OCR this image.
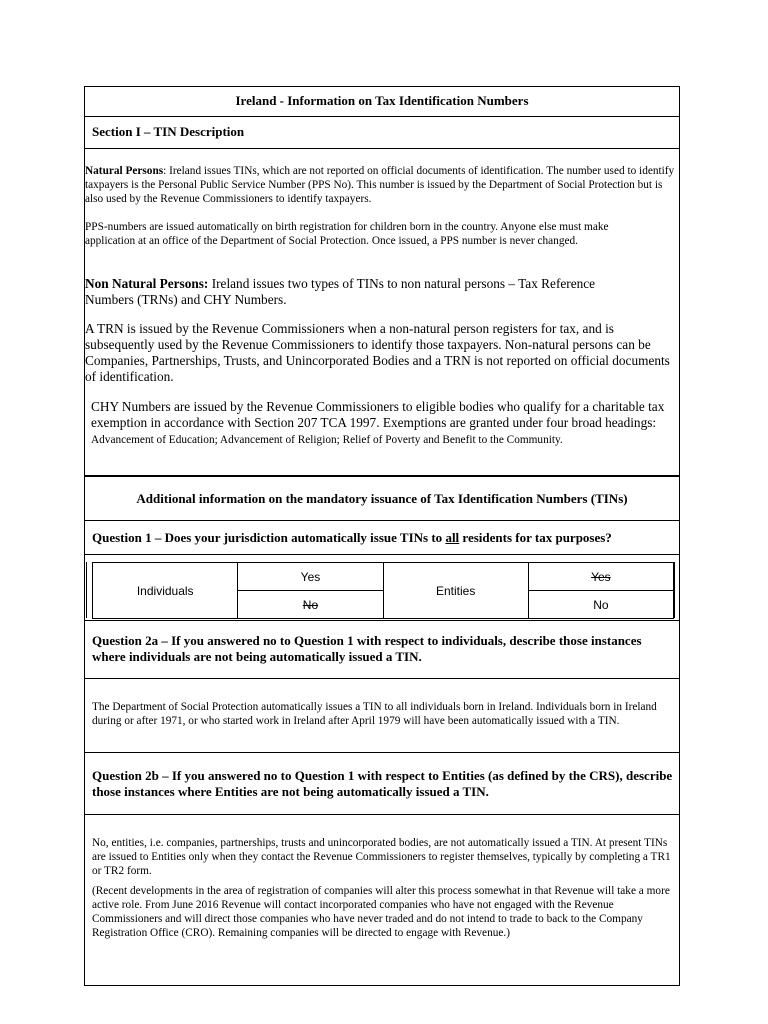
Ireland - Information on Tax Identification Numbers

Section I – TIN Description

Natural Persons: Ireland issues TINs, which are not reported on official documents of identification. The number used to identify taxpayers is the Personal Public Service Number (PPS No). This number is issued by the Department of Social Protection but is also used by the Revenue Commissioners to identify taxpayers.

PPS-numbers are issued automatically on birth registration for children born in the country. Anyone else must make application at an office of the Department of Social Protection. Once issued, a PPS number is never changed.

Non Natural Persons: Ireland issues two types of TINs to non natural persons – Tax Reference Numbers (TRNs) and CHY Numbers.

A TRN is issued by the Revenue Commissioners when a non-natural person registers for tax, and is subsequently used by the Revenue Commissioners to identify those taxpayers. Non-natural persons can be Companies, Partnerships, Trusts, and Unincorporated Bodies and a TRN is not reported on official documents of identification.

CHY Numbers are issued by the Revenue Commissioners to eligible bodies who qualify for a charitable tax exemption in accordance with Section 207 TCA 1997. Exemptions are granted under four broad headings: Advancement of Education; Advancement of Religion; Relief of Poverty and Benefit to the Community.

Additional information on the mandatory issuance of Tax Identification Numbers (TINs)

Question 1 – Does your jurisdiction automatically issue TINs to all residents for tax purposes?

Individuals	Yes	Entities	Yes
	No		No

Question 2a – If you answered no to Question 1 with respect to individuals, describe those instances where individuals are not being automatically issued a TIN.

The Department of Social Protection automatically issues a TIN to all individuals born in Ireland. Individuals born in Ireland during or after 1971, or who started work in Ireland after April 1979 will have been automatically issued with a TIN.

Question 2b – If you answered no to Question 1 with respect to Entities (as defined by the CRS), describe those instances where Entities are not being automatically issued a TIN.

No, entities, i.e. companies, partnerships, trusts and unincorporated bodies, are not automatically issued a TIN. At present TINs are issued to Entities only when they contact the Revenue Commissioners to register themselves, typically by completing a TR1 or TR2 form.

(Recent developments in the area of registration of companies will alter this process somewhat in that Revenue will take a more active role. From June 2016 Revenue will contact incorporated companies who have not engaged with the Revenue Commissioners and will direct those companies who have never traded and do not intend to trade to back to the Company Registration Office (CRO). Remaining companies will be directed to engage with Revenue.)
